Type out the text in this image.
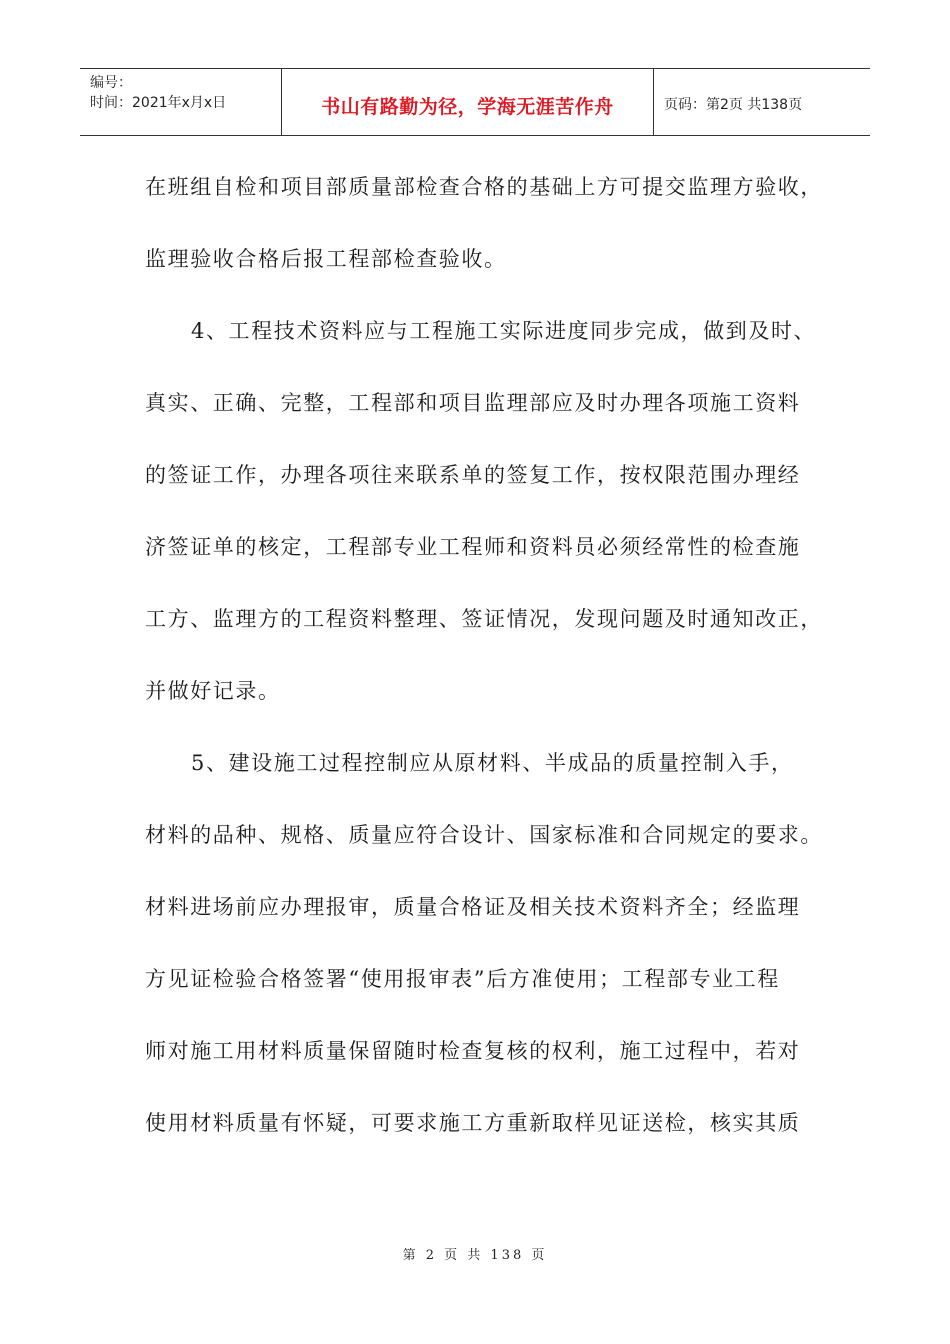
编号：
时间：2021年x月x日	书山有路勤为径，学海无涯苦作舟	页码：第2页 共138页
在班组自检和项目部质量部检查合格的基础上方可提交监理方验收，
监理验收合格后报工程部检查验收。
4、工程技术资料应与工程施工实际进度同步完成，做到及时、
真实、正确、完整，工程部和项目监理部应及时办理各项施工资料
的签证工作，办理各项往来联系单的签复工作，按权限范围办理经
济签证单的核定，工程部专业工程师和资料员必须经常性的检查施
工方、监理方的工程资料整理、签证情况，发现问题及时通知改正，
并做好记录。
5、建设施工过程控制应从原材料、半成品的质量控制入手，
材料的品种、规格、质量应符合设计、国家标准和合同规定的要求。
材料进场前应办理报审，质量合格证及相关技术资料齐全；经监理
方见证检验合格签署“使用报审表”后方准使用；工程部专业工程
师对施工用材料质量保留随时检查复核的权利，施工过程中，若对
使用材料质量有怀疑，可要求施工方重新取样见证送检，核实其质
第 2 页 共 138 页
